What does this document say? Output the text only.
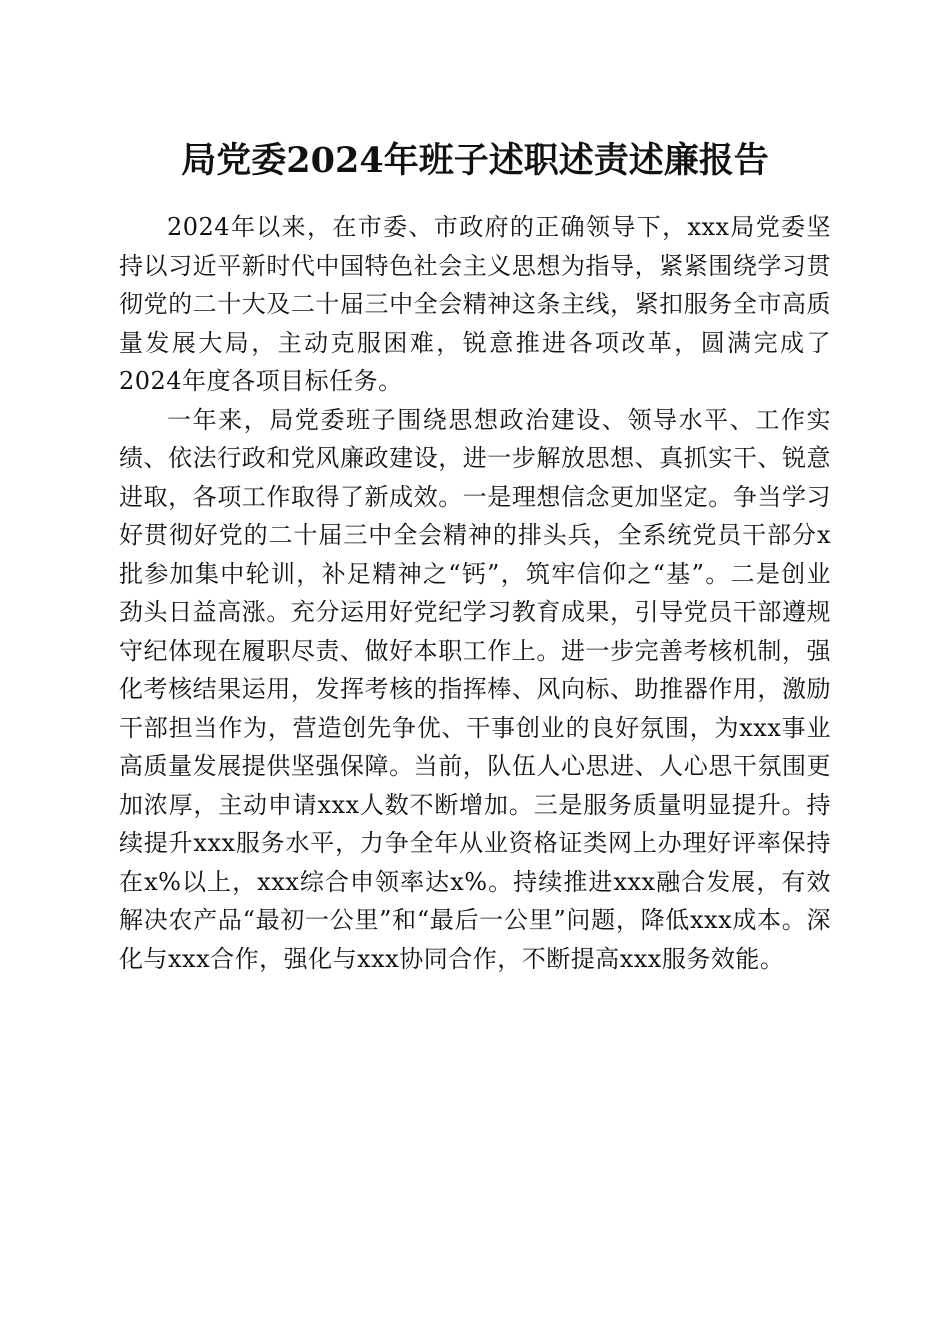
局党委2024年班子述职述责述廉报告

2024年以来，在市委、市政府的正确领导下，xxx局党委坚持以习近平新时代中国特色社会主义思想为指导，紧紧围绕学习贯彻党的二十大及二十届三中全会精神这条主线，紧扣服务全市高质量发展大局，主动克服困难，锐意推进各项改革，圆满完成了2024年度各项目标任务。

一年来，局党委班子围绕思想政治建设、领导水平、工作实绩、依法行政和党风廉政建设，进一步解放思想、真抓实干、锐意进取，各项工作取得了新成效。一是理想信念更加坚定。争当学习好贯彻好党的二十届三中全会精神的排头兵，全系统党员干部分x批参加集中轮训，补足精神之“钙”，筑牢信仰之“基”。二是创业劲头日益高涨。充分运用好党纪学习教育成果，引导党员干部遵规守纪体现在履职尽责、做好本职工作上。进一步完善考核机制，强化考核结果运用，发挥考核的指挥棒、风向标、助推器作用，激励干部担当作为，营造创先争优、干事创业的良好氛围，为xxx事业高质量发展提供坚强保障。当前，队伍人心思进、人心思干氛围更加浓厚，主动申请xxx人数不断增加。三是服务质量明显提升。持续提升xxx服务水平，力争全年从业资格证类网上办理好评率保持在x%以上，xxx综合申领率达x%。持续推进xxx融合发展，有效解决农产品“最初一公里”和“最后一公里”问题，降低xxx成本。深化与xxx合作，强化与xxx协同合作，不断提高xxx服务效能。
